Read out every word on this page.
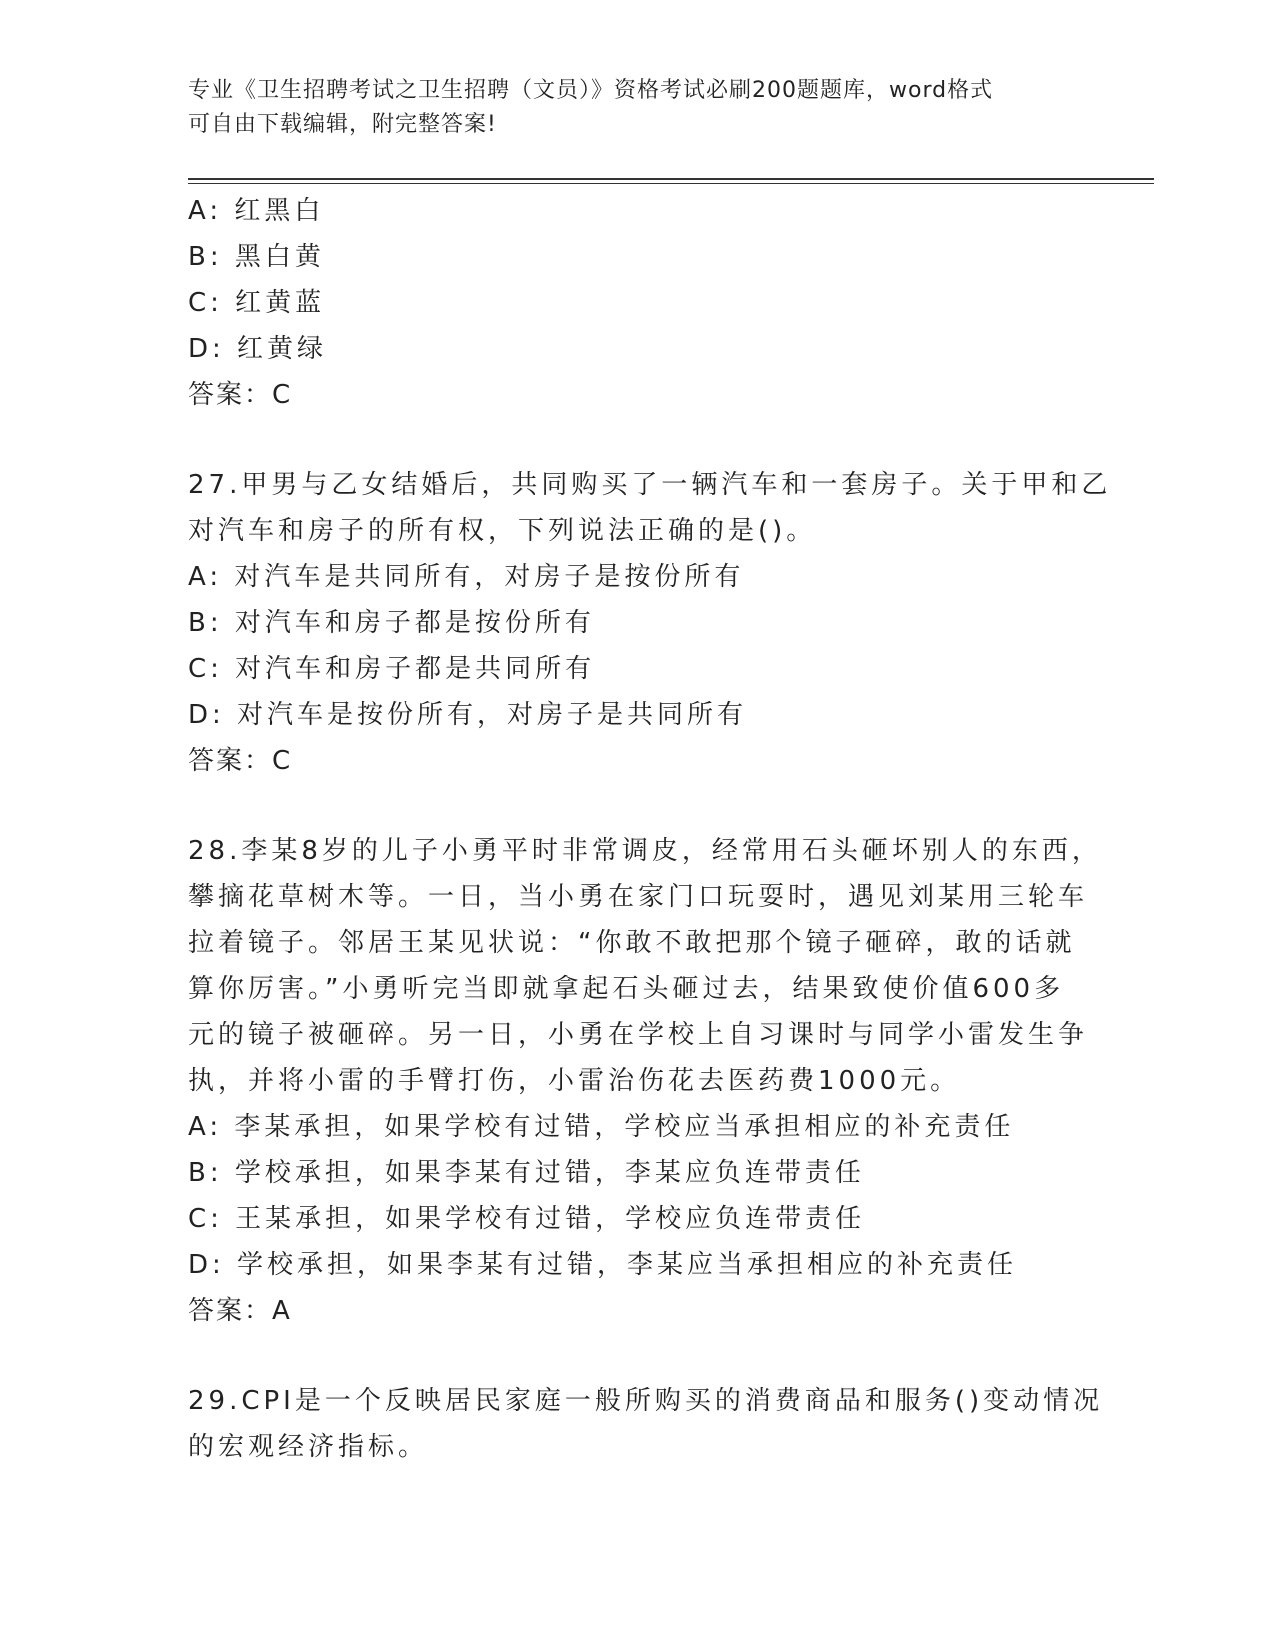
专业《卫生招聘考试之卫生招聘（文员）》资格考试必刷200题题库，word格式
可自由下载编辑，附完整答案!
A: 红黑白
B: 黑白黄
C: 红黄蓝
D: 红黄绿
答案：C
27.甲男与乙女结婚后，共同购买了一辆汽车和一套房子。关于甲和乙
对汽车和房子的所有权，下列说法正确的是()。
A: 对汽车是共同所有，对房子是按份所有
B: 对汽车和房子都是按份所有
C: 对汽车和房子都是共同所有
D: 对汽车是按份所有，对房子是共同所有
答案：C
28.李某8岁的儿子小勇平时非常调皮，经常用石头砸坏别人的东西，
攀摘花草树木等。一日，当小勇在家门口玩耍时，遇见刘某用三轮车
拉着镜子。邻居王某见状说：“你敢不敢把那个镜子砸碎，敢的话就
算你厉害。”小勇听完当即就拿起石头砸过去，结果致使价值600多
元的镜子被砸碎。另一日，小勇在学校上自习课时与同学小雷发生争
执，并将小雷的手臂打伤，小雷治伤花去医药费1000元。
A: 李某承担，如果学校有过错，学校应当承担相应的补充责任
B: 学校承担，如果李某有过错，李某应负连带责任
C: 王某承担，如果学校有过错，学校应负连带责任
D: 学校承担，如果李某有过错，李某应当承担相应的补充责任
答案：A
29.CPI是一个反映居民家庭一般所购买的消费商品和服务()变动情况
的宏观经济指标。
